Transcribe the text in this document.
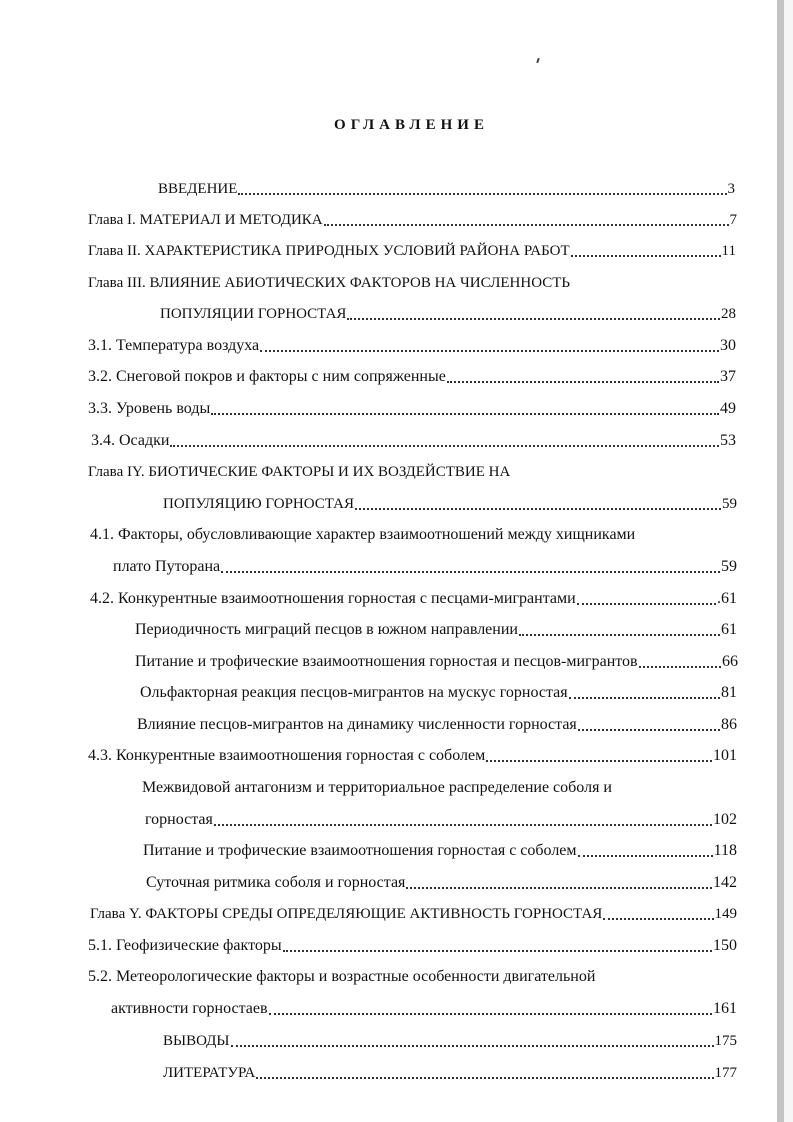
ОГЛАВЛЕНИЕ
ВВЕДЕНИЕ	3
Глава I. МАТЕРИАЛ И МЕТОДИКА	7
Глава II. ХАРАКТЕРИСТИКА ПРИРОДНЫХ УСЛОВИЙ РАЙОНА РАБОТ	11
Глава III. ВЛИЯНИЕ АБИОТИЧЕСКИХ ФАКТОРОВ НА ЧИСЛЕННОСТЬ
ПОПУЛЯЦИИ ГОРНОСТАЯ	28
3.1. Температура воздуха	30
3.2. Снеговой покров и факторы с ним сопряженные	37
3.3. Уровень воды	49
3.4. Осадки	53
Глава IY. БИОТИЧЕСКИЕ ФАКТОРЫ И ИХ ВОЗДЕЙСТВИЕ НА
ПОПУЛЯЦИЮ ГОРНОСТАЯ	59
4.1. Факторы, обусловливающие характер взаимоотношений между хищниками
плато Путорана	59
4.2. Конкурентные взаимоотношения горностая с песцами-мигрантами	.61
Периодичность миграций песцов в южном направлении	61
Питание и трофические взаимоотношения горностая и песцов-мигрантов	66
Ольфакторная реакция песцов-мигрантов на мускус горностая	81
Влияние песцов-мигрантов на динамику численности горностая	86
4.3. Конкурентные взаимоотношения горностая с соболем	101
Межвидовой антагонизм и территориальное распределение соболя и
горностая	102
Питание и трофические взаимоотношения горностая с соболем	118
Суточная ритмика соболя и горностая	142
Глава Y. ФАКТОРЫ СРЕДЫ ОПРЕДЕЛЯЮЩИЕ АКТИВНОСТЬ ГОРНОСТАЯ	149
5.1. Геофизические факторы	150
5.2. Метеорологические факторы и возрастные особенности двигательной
активности горностаев	161
ВЫВОДЫ	175
ЛИТЕРАТУРА	177
